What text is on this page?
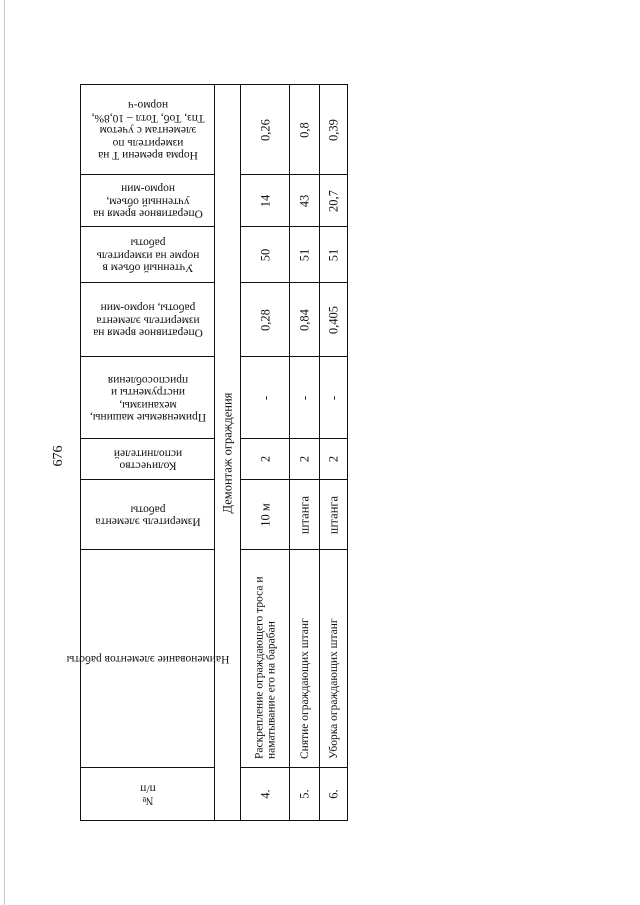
676
Норма времени Т на измеритель по элементам с учетом Тпз, Тоб, Тотл – 10,8%, нормо-ч
Оперативное время на учтенный объем, нормо-мин
Учтенный объем в норме на измеритель работы
Оперативное время на измеритель элемента работы, нормо-мин
Применяемые машины, механизмы, инструменты и приспособления
Количество исполнителей
Измеритель элемента работы
Наименование элементов работы
№
п/п
Демонтаж ограждения
0,26
14
50
0,28
-
2
10 м
Раскрепление ограждающего троса и наматывание его на барабан
4.
0,8
43
51
0,84
-
2
штанга
Снятие ограждающих штанг
5.
0,39
20,7
51
0,405
-
2
штанга
Уборка ограждающих штанг
6.
